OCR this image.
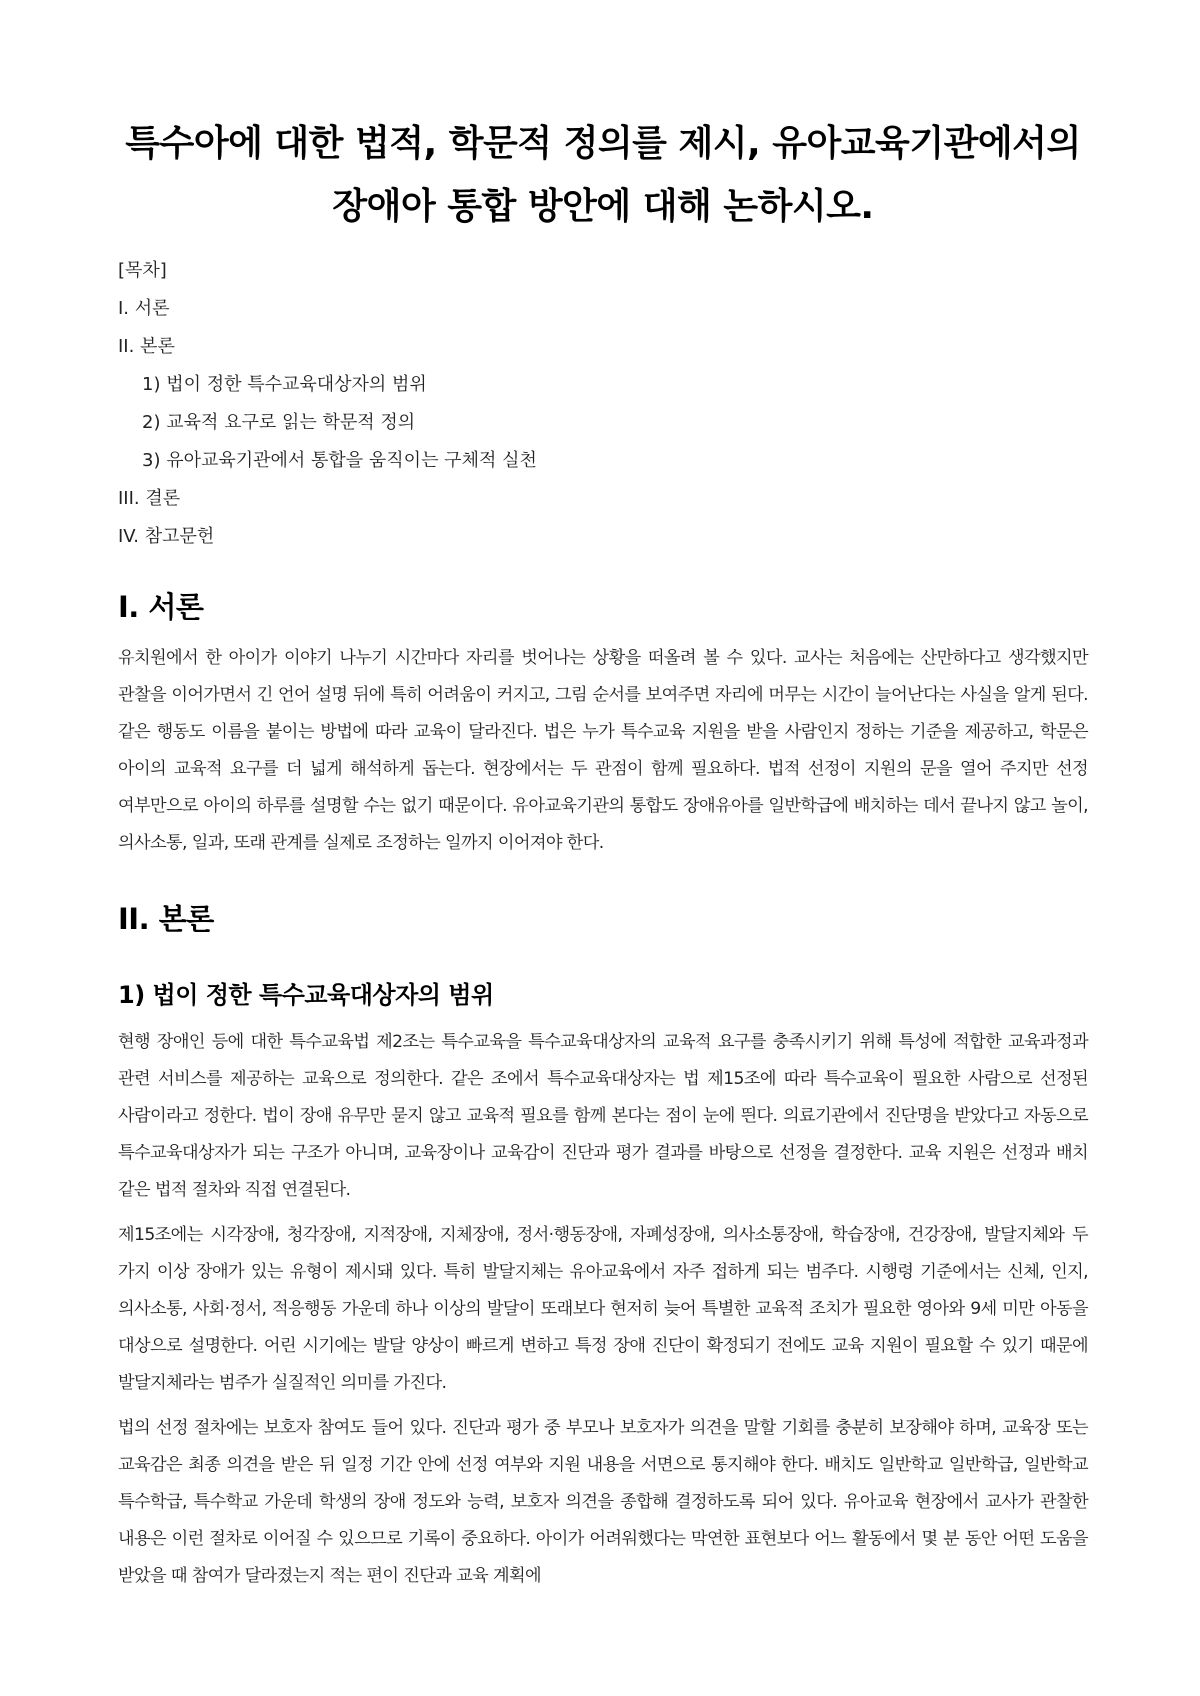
특수아에 대한 법적, 학문적 정의를 제시, 유아교육기관에서의
장애아 통합 방안에 대해 논하시오.

[목차]

I. 서론
II. 본론
1) 법이 정한 특수교육대상자의 범위
2) 교육적 요구로 읽는 학문적 정의
3) 유아교육기관에서 통합을 움직이는 구체적 실천
III. 결론
IV. 참고문헌
I. 서론

유치원에서 한 아이가 이야기 나누기 시간마다 자리를 벗어나는 상황을 떠올려 볼 수 있다. 교사는 처음에는 산만하다고 생각했지만 관찰을 이어가면서 긴 언어 설명 뒤에 특히 어려움이 커지고, 그림 순서를 보여주면 자리에 머무는 시간이 늘어난다는 사실을 알게 된다. 같은 행동도 이름을 붙이는 방법에 따라 교육이 달라진다. 법은 누가 특수교육 지원을 받을 사람인지 정하는 기준을 제공하고, 학문은 아이의 교육적 요구를 더 넓게 해석하게 돕는다. 현장에서는 두 관점이 함께 필요하다. 법적 선정이 지원의 문을 열어 주지만 선정 여부만으로 아이의 하루를 설명할 수는 없기 때문이다. 유아교육기관의 통합도 장애유아를 일반학급에 배치하는 데서 끝나지 않고 놀이, 의사소통, 일과, 또래 관계를 실제로 조정하는 일까지 이어져야 한다.

II. 본론
1) 법이 정한 특수교육대상자의 범위

현행 장애인 등에 대한 특수교육법 제2조는 특수교육을 특수교육대상자의 교육적 요구를 충족시키기 위해 특성에 적합한 교육과정과 관련 서비스를 제공하는 교육으로 정의한다. 같은 조에서 특수교육대상자는 법 제15조에 따라 특수교육이 필요한 사람으로 선정된 사람이라고 정한다. 법이 장애 유무만 묻지 않고 교육적 필요를 함께 본다는 점이 눈에 띈다. 의료기관에서 진단명을 받았다고 자동으로 특수교육대상자가 되는 구조가 아니며, 교육장이나 교육감이 진단과 평가 결과를 바탕으로 선정을 결정한다. 교육 지원은 선정과 배치 같은 법적 절차와 직접 연결된다.

제15조에는 시각장애, 청각장애, 지적장애, 지체장애, 정서·행동장애, 자폐성장애, 의사소통장애, 학습장애, 건강장애, 발달지체와 두 가지 이상 장애가 있는 유형이 제시돼 있다. 특히 발달지체는 유아교육에서 자주 접하게 되는 범주다. 시행령 기준에서는 신체, 인지, 의사소통, 사회·정서, 적응행동 가운데 하나 이상의 발달이 또래보다 현저히 늦어 특별한 교육적 조치가 필요한 영아와 9세 미만 아동을 대상으로 설명한다. 어린 시기에는 발달 양상이 빠르게 변하고 특정 장애 진단이 확정되기 전에도 교육 지원이 필요할 수 있기 때문에 발달지체라는 범주가 실질적인 의미를 가진다.

법의 선정 절차에는 보호자 참여도 들어 있다. 진단과 평가 중 부모나 보호자가 의견을 말할 기회를 충분히 보장해야 하며, 교육장 또는 교육감은 최종 의견을 받은 뒤 일정 기간 안에 선정 여부와 지원 내용을 서면으로 통지해야 한다. 배치도 일반학교 일반학급, 일반학교 특수학급, 특수학교 가운데 학생의 장애 정도와 능력, 보호자 의견을 종합해 결정하도록 되어 있다. 유아교육 현장에서 교사가 관찰한 내용은 이런 절차로 이어질 수 있으므로 기록이 중요하다. 아이가 어려워했다는 막연한 표현보다 어느 활동에서 몇 분 동안 어떤 도움을 받았을 때 참여가 달라졌는지 적는 편이 진단과 교육 계획에
